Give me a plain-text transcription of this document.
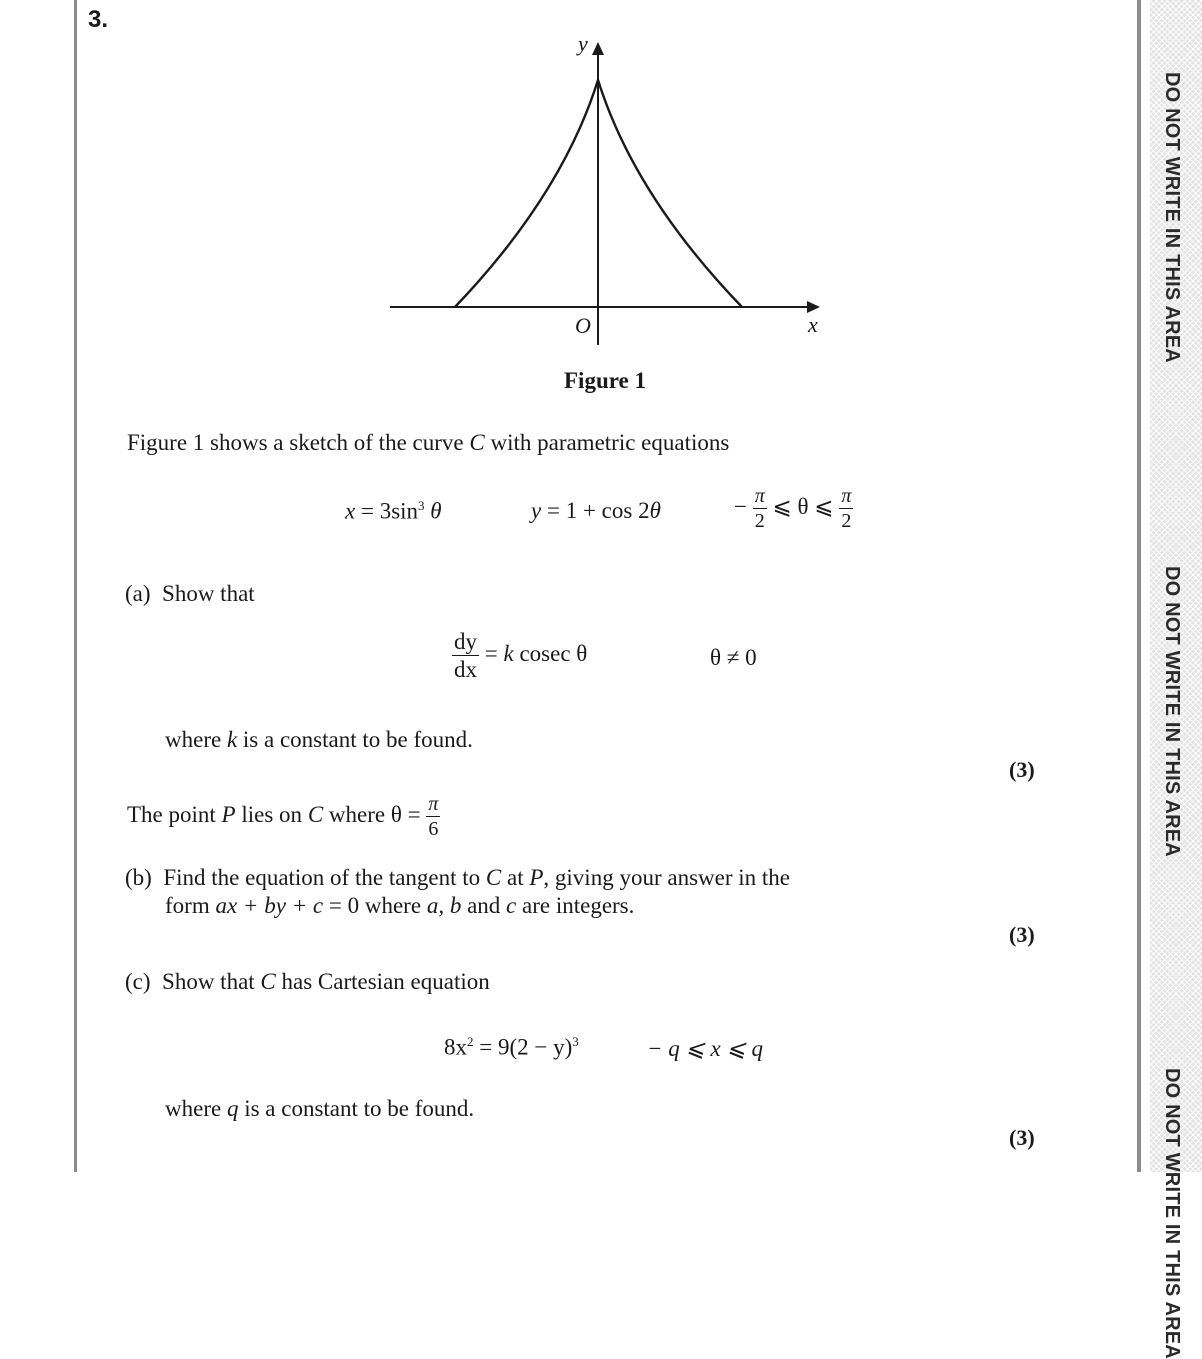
DO NOT WRITE IN THIS AREA
DO NOT WRITE IN THIS AREA
DO NOT WRITE IN THIS AREA
3.
y
O	x
Figure 1
Figure 1 shows a sketch of the curve C with parametric equations
$x = 3\sin^3$ θ	y = 1 + cos 2θ	− $\frac{\pi}{2}$ ⩽ θ ⩽ $\frac{\pi}{2}$
(a) Show that
$\frac{dy}{dx} = k$ cosec θ	θ ≠ 0
where k is a constant to be found.
(3)
The point P lies on C where $\theta = \frac{\pi}{6}$
(b) Find the equation of the tangent to C at P, giving your answer in the
form ax + by + c = 0 where a, b and c are integers.
(3)
(c) Show that C has Cartesian equation
$8x^2 = 9(2 - y)^3$	− q ⩽ x ⩽ q
where q is a constant to be found.
(3)
